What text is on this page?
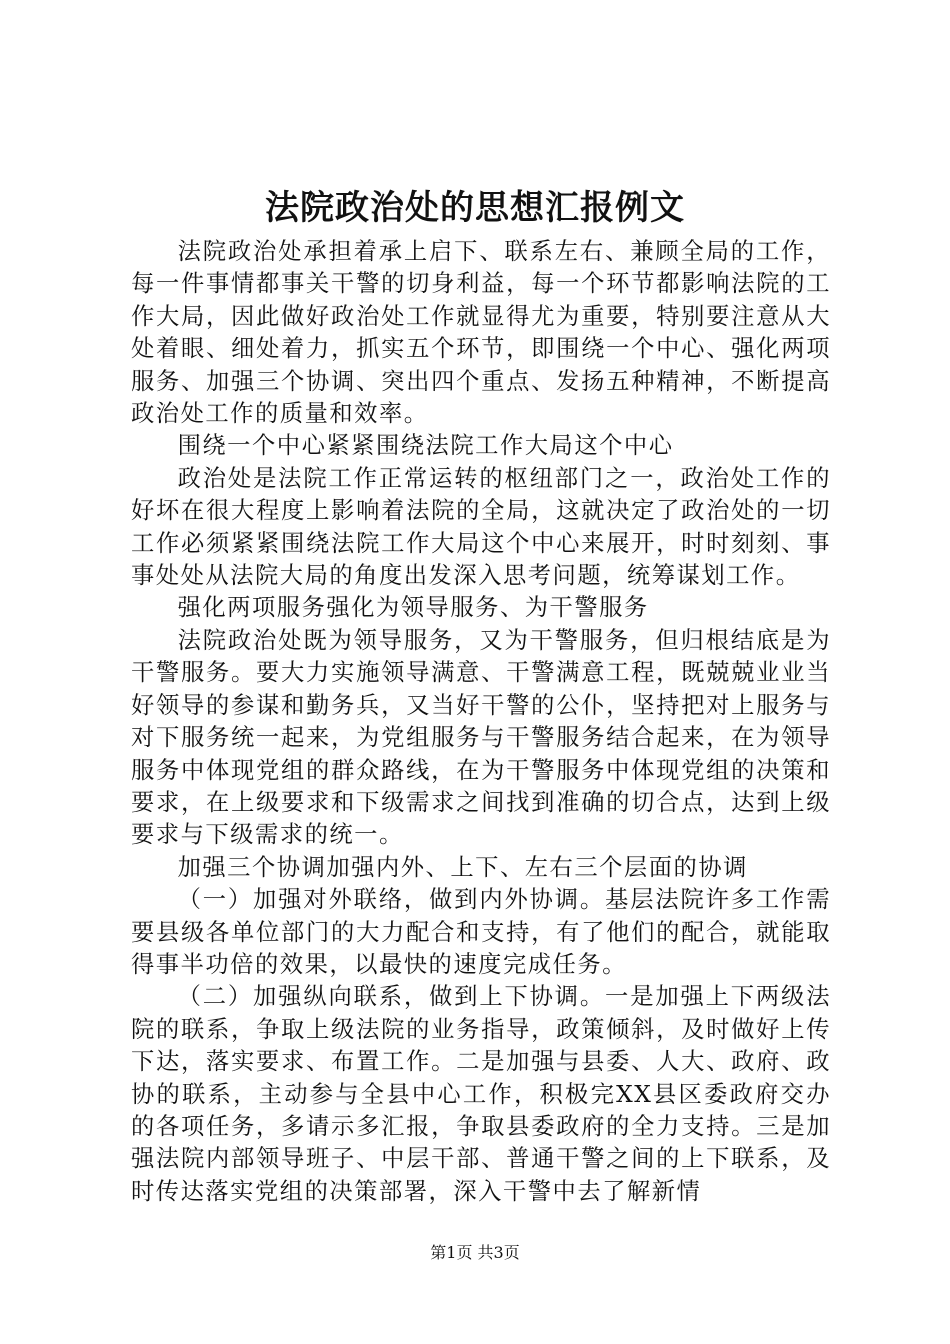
法院政治处的思想汇报例文

法院政治处承担着承上启下、联系左右、兼顾全局的工作，每一件事情都事关干警的切身利益，每一个环节都影响法院的工作大局，因此做好政治处工作就显得尤为重要，特别要注意从大处着眼、细处着力，抓实五个环节，即围绕一个中心、强化两项服务、加强三个协调、突出四个重点、发扬五种精神，不断提高政治处工作的质量和效率。

围绕一个中心紧紧围绕法院工作大局这个中心

政治处是法院工作正常运转的枢纽部门之一，政治处工作的好坏在很大程度上影响着法院的全局，这就决定了政治处的一切工作必须紧紧围绕法院工作大局这个中心来展开，时时刻刻、事事处处从法院大局的角度出发深入思考问题，统筹谋划工作。

强化两项服务强化为领导服务、为干警服务

法院政治处既为领导服务，又为干警服务，但归根结底是为干警服务。要大力实施领导满意、干警满意工程，既兢兢业业当好领导的参谋和勤务兵，又当好干警的公仆，坚持把对上服务与对下服务统一起来，为党组服务与干警服务结合起来，在为领导服务中体现党组的群众路线，在为干警服务中体现党组的决策和要求，在上级要求和下级需求之间找到准确的切合点，达到上级要求与下级需求的统一。

加强三个协调加强内外、上下、左右三个层面的协调

（一）加强对外联络，做到内外协调。基层法院许多工作需要县级各单位部门的大力配合和支持，有了他们的配合，就能取得事半功倍的效果，以最快的速度完成任务。

（二）加强纵向联系，做到上下协调。一是加强上下两级法院的联系，争取上级法院的业务指导，政策倾斜，及时做好上传下达，落实要求、布置工作。二是加强与县委、人大、政府、政协的联系，主动参与全县中心工作，积极完XX县区委政府交办的各项任务，多请示多汇报，争取县委政府的全力支持。三是加强法院内部领导班子、中层干部、普通干警之间的上下联系，及时传达落实党组的决策部署，深入干警中去了解新情

第1页 共3页
